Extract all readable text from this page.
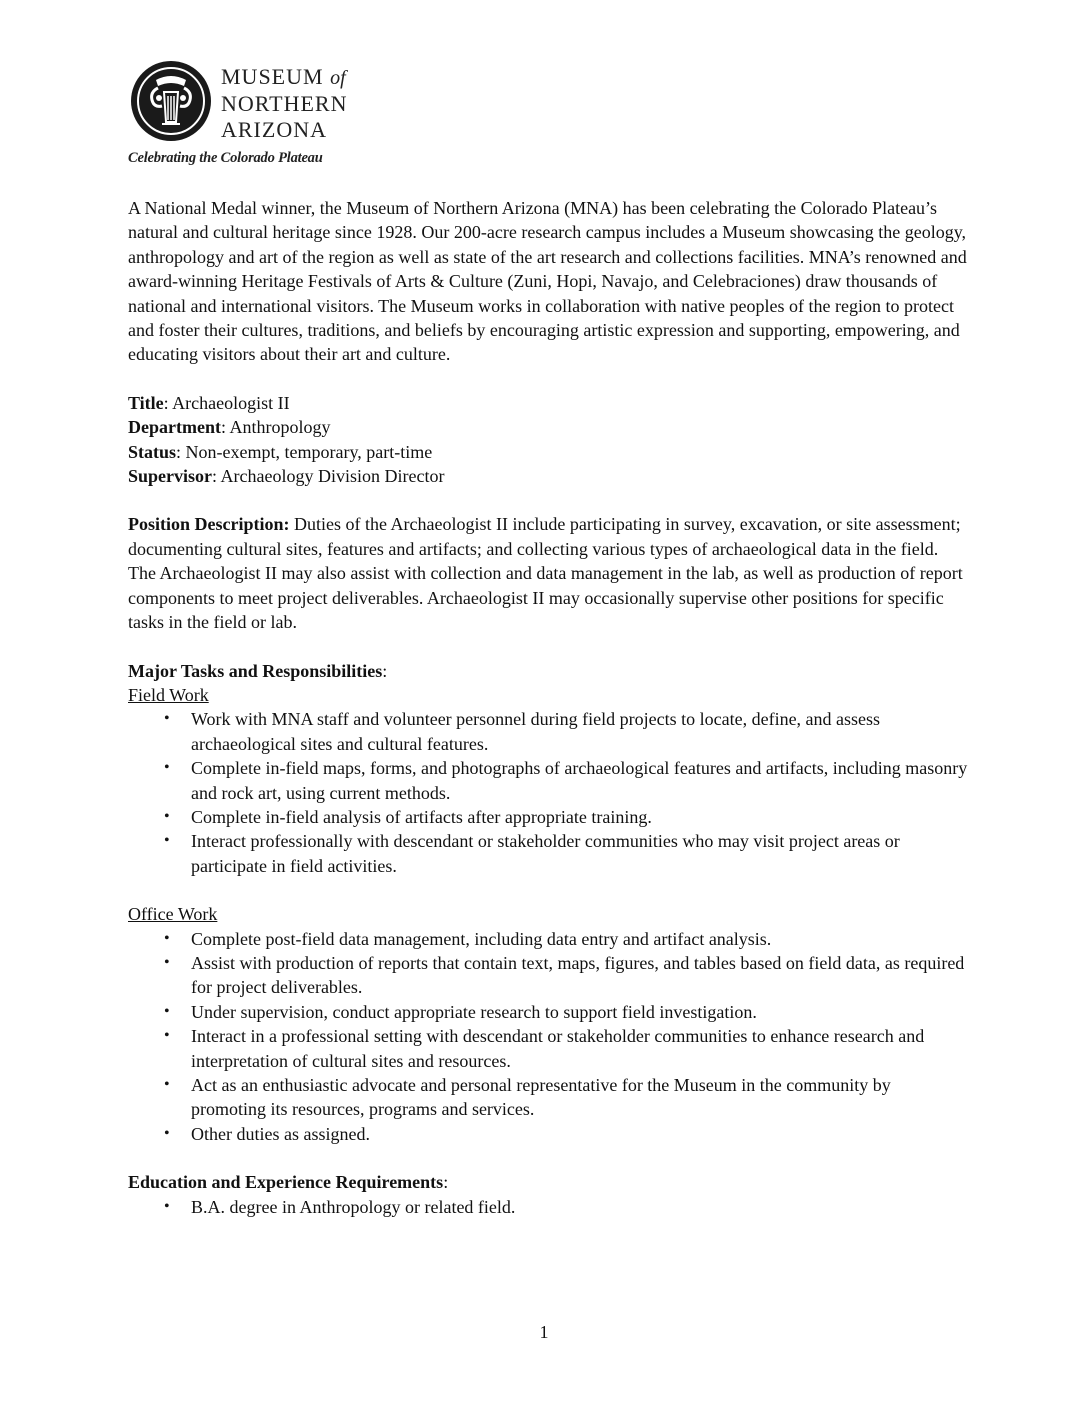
MUSEUM of
NORTHERN
ARIZONA
Celebrating the Colorado Plateau

A National Medal winner, the Museum of Northern Arizona (MNA) has been celebrating the Colorado Plateau’s natural and cultural heritage since 1928. Our 200-acre research campus includes a Museum showcasing the geology, anthropology and art of the region as well as state of the art research and collections facilities. MNA’s renowned and award-winning Heritage Festivals of Arts & Culture (Zuni, Hopi, Navajo, and Celebraciones) draw thousands of national and international visitors. The Museum works in collaboration with native peoples of the region to protect and foster their cultures, traditions, and beliefs by encouraging artistic expression and supporting, empowering, and educating visitors about their art and culture.

Title: Archaeologist II
Department: Anthropology
Status: Non-exempt, temporary, part-time
Supervisor: Archaeology Division Director

Position Description: Duties of the Archaeologist II include participating in survey, excavation, or site assessment; documenting cultural sites, features and artifacts; and collecting various types of archaeological data in the field. The Archaeologist II may also assist with collection and data management in the lab, as well as production of report components to meet project deliverables. Archaeologist II may occasionally supervise other positions for specific tasks in the field or lab.

Major Tasks and Responsibilities:
Field Work
• Work with MNA staff and volunteer personnel during field projects to locate, define, and assess archaeological sites and cultural features.
• Complete in-field maps, forms, and photographs of archaeological features and artifacts, including masonry and rock art, using current methods.
• Complete in-field analysis of artifacts after appropriate training.
• Interact professionally with descendant or stakeholder communities who may visit project areas or participate in field activities.
Office Work
• Complete post-field data management, including data entry and artifact analysis.
• Assist with production of reports that contain text, maps, figures, and tables based on field data, as required for project deliverables.
• Under supervision, conduct appropriate research to support field investigation.
• Interact in a professional setting with descendant or stakeholder communities to enhance research and interpretation of cultural sites and resources.
• Act as an enthusiastic advocate and personal representative for the Museum in the community by promoting its resources, programs and services.
• Other duties as assigned.
Education and Experience Requirements:
• B.A. degree in Anthropology or related field.
1
